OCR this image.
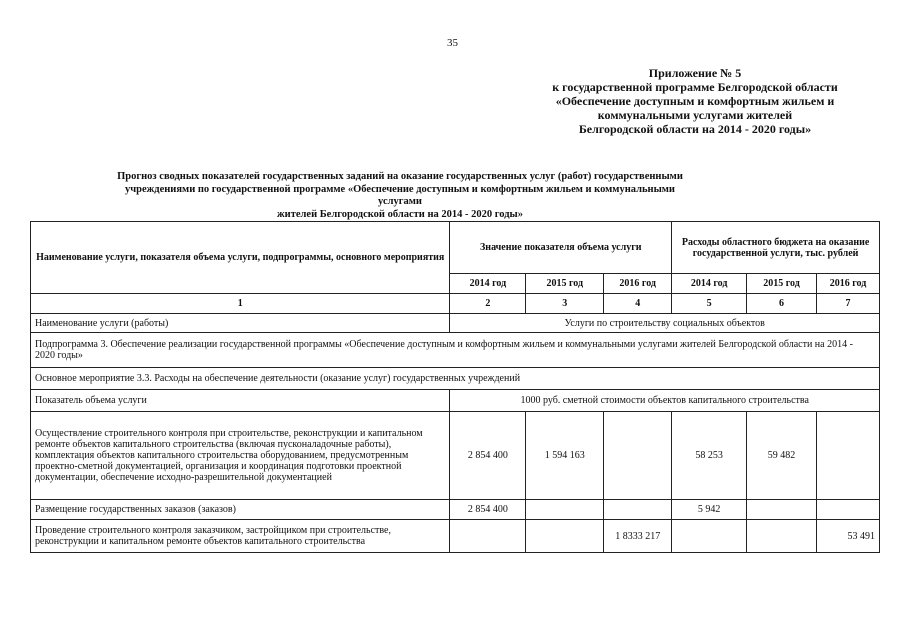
35
Приложение № 5
к государственной программе Белгородской области
«Обеспечение доступным и комфортным жильем и
коммунальными услугами жителей
Белгородской области на 2014 - 2020 годы»
Прогноз сводных показателей государственных заданий на оказание государственных услуг (работ) государственными
учреждениями по государственной программе «Обеспечение доступным и комфортным жильем и коммунальными услугами
жителей Белгородской области на 2014 - 2020 годы»
Наименование услуги, показателя объема услуги, подпрограммы, основного мероприятия	Значение показателя объема услуги			Расходы областного бюджета на оказание государственной услуги, тыс. рублей		
	2014 год	2015 год	2016 год	2014 год	2015 год	2016 год
1	2	3	4	5	6	7
Наименование услуги (работы)	Услуги по строительству социальных объектов					
Подпрограмма 3. Обеспечение реализации государственной программы «Обеспечение доступным и комфортным жильем и коммунальными услугами жителей Белгородской области на 2014 - 2020 годы»						
Основное мероприятие 3.3. Расходы на обеспечение деятельности (оказание услуг) государственных учреждений						
Показатель объема услуги	1000 руб. сметной стоимости объектов капитального строительства					
Осуществление строительного контроля при строительстве, реконструкции и капитальном ремонте объектов капитального строительства (включая пусконаладочные работы), комплектация объектов капитального строительства оборудованием, предусмотренным проектно-сметной документацией, организация и координация подготовки проектной документации, обеспечение исходно-разрешительной документацией	2 854 400	1 594 163		58 253	59 482	
Размещение государственных заказов (заказов)	2 854 400			5 942		
Проведение строительного контроля заказчиком, застройщиком при строительстве, реконструкции и капитальном ремонте объектов капитального строительства			1 8333 217			53 491
